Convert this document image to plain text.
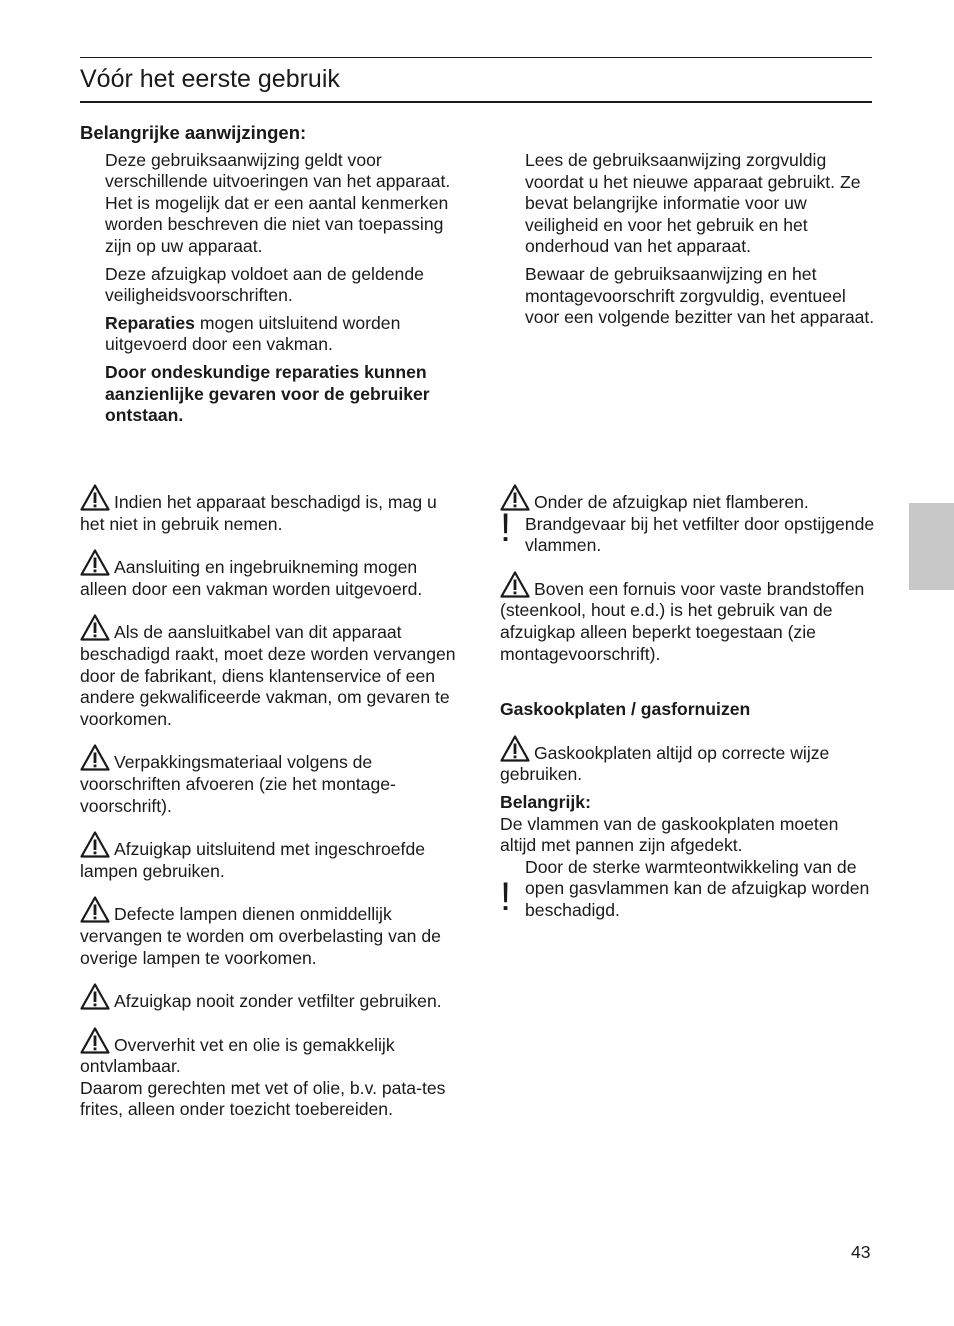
Vóór het eerste gebruik

Belangrijke aanwijzingen:

Deze gebruiksaanwijzing geldt voor verschillende uitvoeringen van het apparaat. Het is mogelijk dat er een aantal kenmerken worden beschreven die niet van toepassing zijn op uw apparaat.

Deze afzuigkap voldoet aan de geldende veiligheidsvoorschriften.

Reparaties mogen uitsluitend worden uitgevoerd door een vakman.

Door ondeskundige reparaties kunnen aanzienlijke gevaren voor de gebruiker ontstaan.

Lees de gebruiksaanwijzing zorgvuldig voordat u het nieuwe apparaat gebruikt. Ze bevat belangrijke informatie voor uw veiligheid en voor het gebruik en het onderhoud van het apparaat.

Bewaar de gebruiksaanwijzing en het montagevoorschrift zorgvuldig, eventueel voor een volgende bezitter van het apparaat.

Indien het apparaat beschadigd is, mag u het niet in gebruik nemen.

Aansluiting en ingebruikneming mogen alleen door een vakman worden uitgevoerd.

Als de aansluitkabel van dit apparaat beschadigd raakt, moet deze worden vervangen door de fabrikant, diens klantenservice of een andere gekwalificeerde vakman, om gevaren te voorkomen.

Verpakkingsmateriaal volgens de voorschriften afvoeren (zie het montage-voorschrift).

Afzuigkap uitsluitend met ingeschroefde lampen gebruiken.

Defecte lampen dienen onmiddellijk vervangen te worden om overbelasting van de overige lampen te voorkomen.

Afzuigkap nooit zonder vetfilter gebruiken.

Oververhit vet en olie is gemakkelijk ontvlambaar.

Daarom gerechten met vet of olie, b.v. pata-tes frites, alleen onder toezicht toebereiden.

Onder de afzuigkap niet flamberen.

! Brandgevaar bij het vetfilter door opstijgende vlammen.

Boven een fornuis voor vaste brandstoffen (steenkool, hout e.d.) is het gebruik van de afzuigkap alleen beperkt toegestaan (zie montagevoorschrift).

Gaskookplaten / gasfornuizen

Gaskookplaten altijd op correcte wijze gebruiken.

Belangrijk:

De vlammen van de gaskookplaten moeten altijd met pannen zijn afgedekt.

!

Door de sterke warmteontwikkeling van de open gasvlammen kan de afzuigkap worden beschadigd.

43
